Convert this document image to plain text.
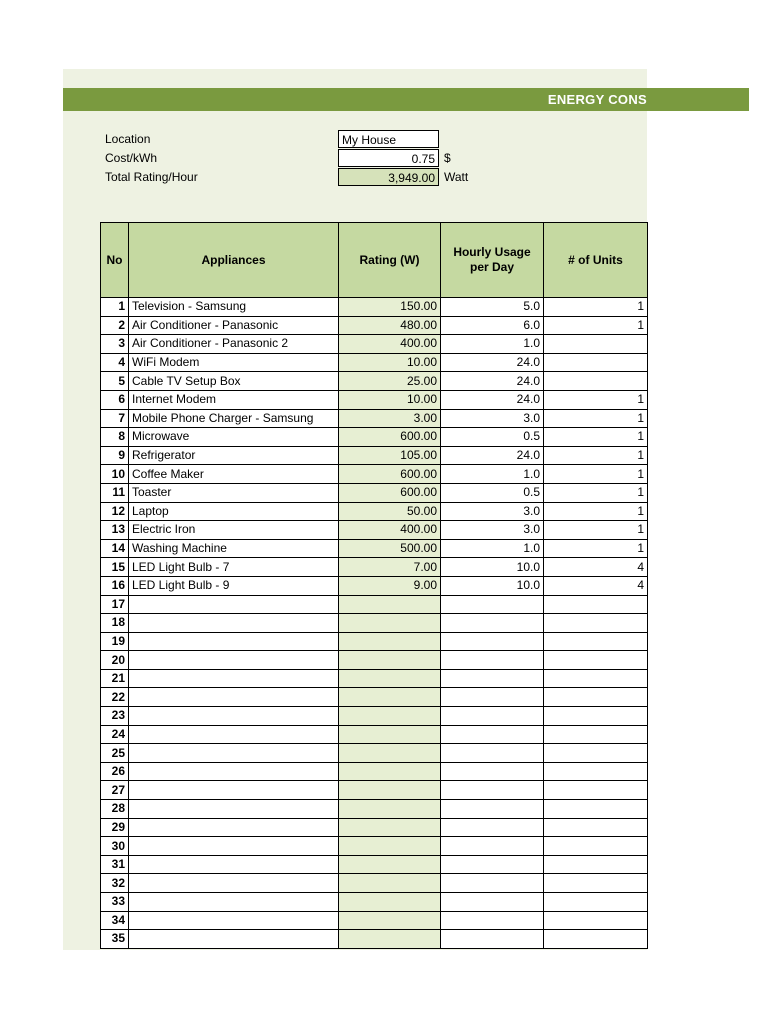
ENERGY CONS
Location	My House
Cost/kWh	0.75 $
Total Rating/Hour	3,949.00 Watt
No	Appliances	Rating (W)	Hourly Usage per Day	# of Units
1	Television - Samsung	150.00	5.0	1
2	Air Conditioner - Panasonic	480.00	6.0	1
3	Air Conditioner - Panasonic 2	400.00	1.0	
4	WiFi Modem	10.00	24.0	
5	Cable TV Setup Box	25.00	24.0	
6	Internet Modem	10.00	24.0	1
7	Mobile Phone Charger - Samsung	3.00	3.0	1
8	Microwave	600.00	0.5	1
9	Refrigerator	105.00	24.0	1
10	Coffee Maker	600.00	1.0	1
11	Toaster	600.00	0.5	1
12	Laptop	50.00	3.0	1
13	Electric Iron	400.00	3.0	1
14	Washing Machine	500.00	1.0	1
15	LED Light Bulb - 7	7.00	10.0	4
16	LED Light Bulb - 9	9.00	10.0	4
17				
18				
19				
20				
21				
22				
23				
24				
25				
26				
27				
28				
29				
30				
31				
32				
33				
34				
35				
